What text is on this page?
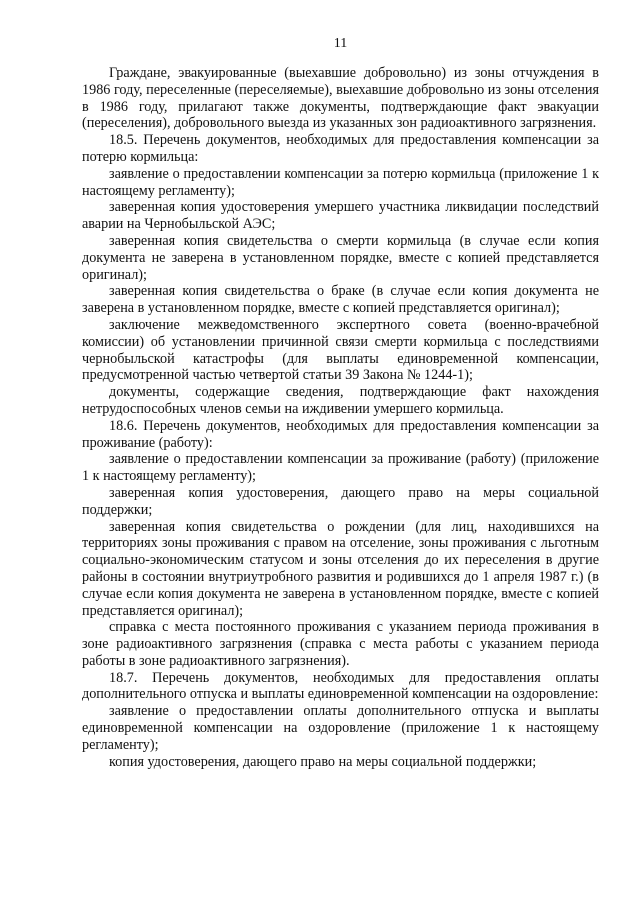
11

Граждане, эвакуированные (выехавшие добровольно) из зоны отчуждения в 1986 году, переселенные (переселяемые), выехавшие добровольно из зоны отселения в 1986 году, прилагают также документы, подтверждающие факт эвакуации (переселения), добровольного выезда из указанных зон радиоактивного загрязнения.

18.5. Перечень документов, необходимых для предоставления компенсации за потерю кормильца:

заявление о предоставлении компенсации за потерю кормильца (приложение 1 к настоящему регламенту);

заверенная копия удостоверения умершего участника ликвидации последствий аварии на Чернобыльской АЭС;

заверенная копия свидетельства о смерти кормильца (в случае если копия документа не заверена в установленном порядке, вместе с копией представляется оригинал);

заверенная копия свидетельства о браке (в случае если копия документа не заверена в установленном порядке, вместе с копией представляется оригинал);

заключение межведомственного экспертного совета (военно-врачебной комиссии) об установлении причинной связи смерти кормильца с последствиями чернобыльской катастрофы (для выплаты единовременной компенсации, предусмотренной частью четвертой статьи 39 Закона № 1244-1);

документы, содержащие сведения, подтверждающие факт нахождения нетрудоспособных членов семьи на иждивении умершего кормильца.

18.6. Перечень документов, необходимых для предоставления компенсации за проживание (работу):

заявление о предоставлении компенсации за проживание (работу) (приложение 1 к настоящему регламенту);

заверенная копия удостоверения, дающего право на меры социальной поддержки;

заверенная копия свидетельства о рождении (для лиц, находившихся на территориях зоны проживания с правом на отселение, зоны проживания с льготным социально-экономическим статусом и зоны отселения до их переселения в другие районы в состоянии внутриутробного развития и родившихся до 1 апреля 1987 г.) (в случае если копия документа не заверена в установленном порядке, вместе с копией представляется оригинал);

справка с места постоянного проживания с указанием периода проживания в зоне радиоактивного загрязнения (справка с места работы с указанием периода работы в зоне радиоактивного загрязнения).

18.7. Перечень документов, необходимых для предоставления оплаты дополнительного отпуска и выплаты единовременной компенсации на оздоровление:

заявление о предоставлении оплаты дополнительного отпуска и выплаты единовременной компенсации на оздоровление (приложение 1 к настоящему регламенту);

копия удостоверения, дающего право на меры социальной поддержки;
